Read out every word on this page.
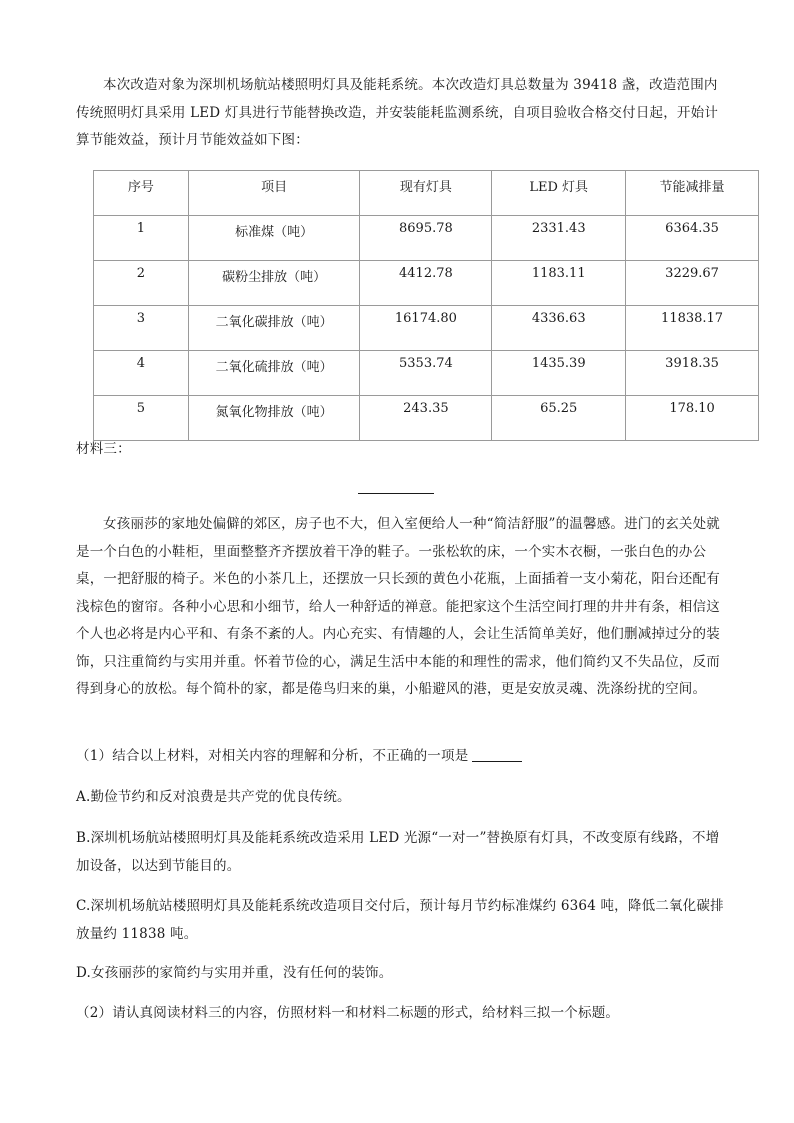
本次改造对象为深圳机场航站楼照明灯具及能耗系统。本次改造灯具总数量为 39418 盏，改造范围内传统照明灯具采用 LED 灯具进行节能替换改造，并安装能耗监测系统，自项目验收合格交付日起，开始计算节能效益，预计月节能效益如下图：
序号	项目	现有灯具	LED 灯具	节能减排量
1	标准煤（吨）	8695.78	2331.43	6364.35
2	碳粉尘排放（吨）	4412.78	1183.11	3229.67
3	二氧化碳排放（吨）	16174.80	4336.63	11838.17
4	二氧化硫排放（吨）	5353.74	1435.39	3918.35
5	氮氧化物排放（吨）	243.35	65.25	178.10
材料三：
女孩丽莎的家地处偏僻的郊区，房子也不大，但入室便给人一种“简洁舒服”的温馨感。进门的玄关处就是一个白色的小鞋柜，里面整整齐齐摆放着干净的鞋子。一张松软的床，一个实木衣橱，一张白色的办公桌，一把舒服的椅子。米色的小茶几上，还摆放一只长颈的黄色小花瓶，上面插着一支小菊花，阳台还配有浅棕色的窗帘。各种小心思和小细节，给人一种舒适的禅意。能把家这个生活空间打理的井井有条，相信这个人也必将是内心平和、有条不紊的人。内心充实、有情趣的人，会让生活简单美好，他们删减掉过分的装饰，只注重简约与实用并重。怀着节俭的心，满足生活中本能的和理性的需求，他们简约又不失品位，反而得到身心的放松。每个简朴的家，都是倦鸟归来的巢，小船避风的港，更是安放灵魂、洗涤纷扰的空间。
（1）结合以上材料，对相关内容的理解和分析，不正确的一项是
A.勤俭节约和反对浪费是共产党的优良传统。
B.深圳机场航站楼照明灯具及能耗系统改造采用 LED 光源“一对一”替换原有灯具，不改变原有线路，不增加设备，以达到节能目的。
C.深圳机场航站楼照明灯具及能耗系统改造项目交付后，预计每月节约标准煤约 6364 吨，降低二氧化碳排放量约 11838 吨。
D.女孩丽莎的家简约与实用并重，没有任何的装饰。
（2）请认真阅读材料三的内容，仿照材料一和材料二标题的形式，给材料三拟一个标题。
